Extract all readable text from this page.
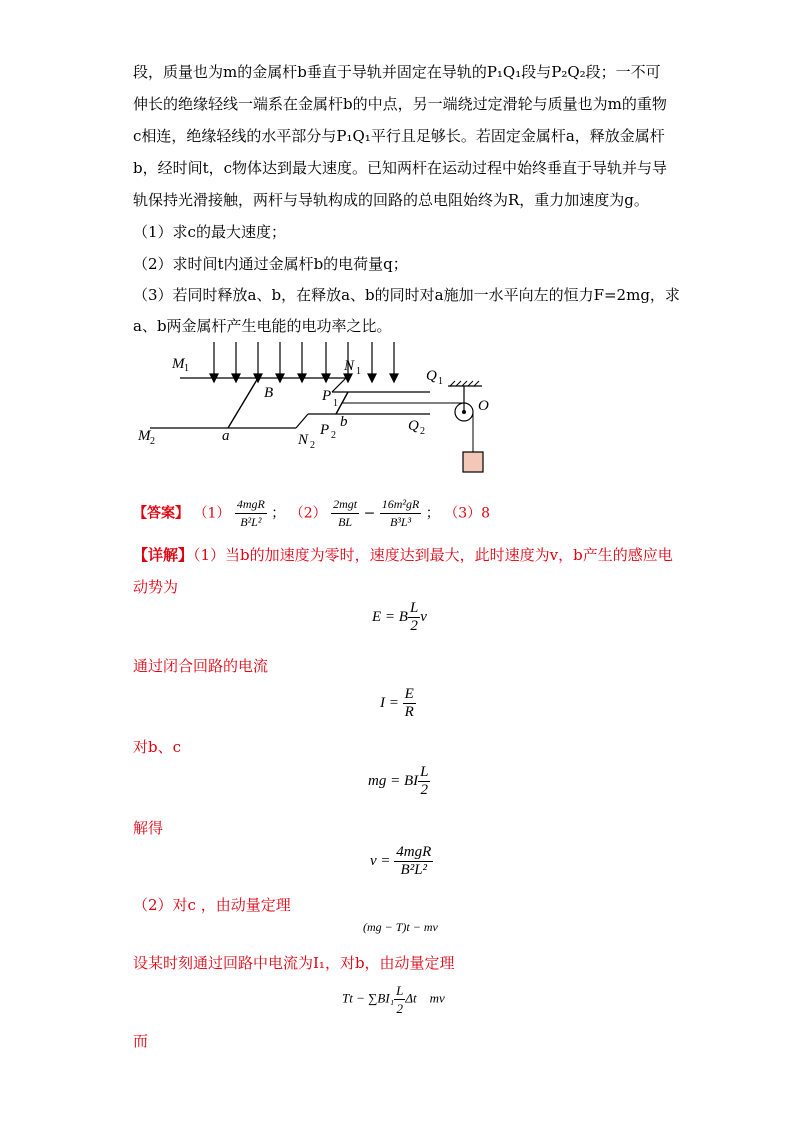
段，质量也为m的金属杆b垂直于导轨并固定在导轨的P₁Q₁段与P₂Q₂段；一不可伸长的绝缘轻线一端系在金属杆b的中点，另一端绕过定滑轮与质量也为m的重物c相连，绝缘轻线的水平部分与P₁Q₁平行且足够长。若固定金属杆a，释放金属杆b，经时间t，c物体达到最大速度。已知两杆在运动过程中始终垂直于导轨并与导轨保持光滑接触，两杆与导轨构成的回路的总电阻始终为R，重力加速度为g。
（1）求c的最大速度；
（2）求时间t内通过金属杆b的电荷量q；
（3）若同时释放a、b，在释放a、b的同时对a施加一水平向左的恒力F=2mg，求
a、b两金属杆产生电能的电功率之比。
M 1
M 2
N 1
N 2
P 1
P 2
Q 1
Q 2
B
a
b
O
【答案】 $(1) \frac{\text{4mgR}}{\text{B²L²}}$ ； $(2) \frac{\text{2mgt}}{BL} - \frac{\text{16m²gR}}{\text{B³L³}}$ ； （3）8
【详解】（1）当b的加速度为零时，速度达到最大，此时速度为v，b产生的感应电
动势为
E = B $\frac{L}{2}$ v
通过闭合回路的电流
$I = \frac{E}{R}$
对b、c
mg = BI $\frac{L}{2}$
解得
$v = \frac{\text{4mgR}}{\text{B²L²}}$
（2）对c ，由动量定理
(mg − T)t − mv
设某时刻通过回路中电流为I₁，对b，由动量定理
$Tt - \sum BI_1 \frac{L}{2}$ Δt    mv
而
